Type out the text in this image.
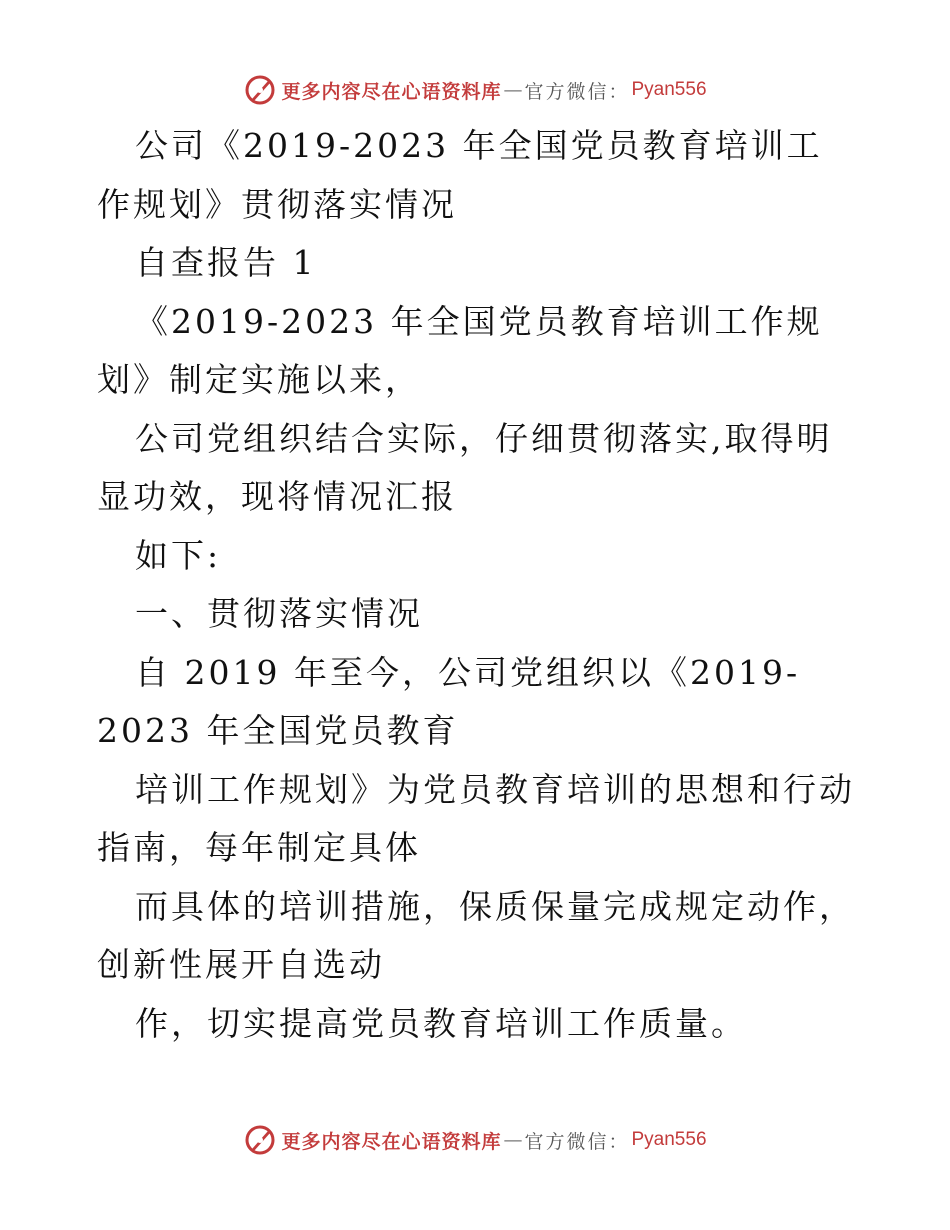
更多内容尽在心语资料库 — 官方微信： Pyan556

公司《2019-2023 年全国党员教育培训工作规划》贯彻落实情况

自查报告 1

《2019-2023 年全国党员教育培训工作规划》制定实施以来，

公司党组织结合实际，仔细贯彻落实,取得明显功效，现将情况汇报

如下:

一、贯彻落实情况

自 2019 年至今，公司党组织以《2019-2023 年全国党员教育

培训工作规划》为党员教育培训的思想和行动指南，每年制定具体

而具体的培训措施，保质保量完成规定动作，创新性展开自选动

作，切实提高党员教育培训工作质量。

更多内容尽在心语资料库 — 官方微信： Pyan556
